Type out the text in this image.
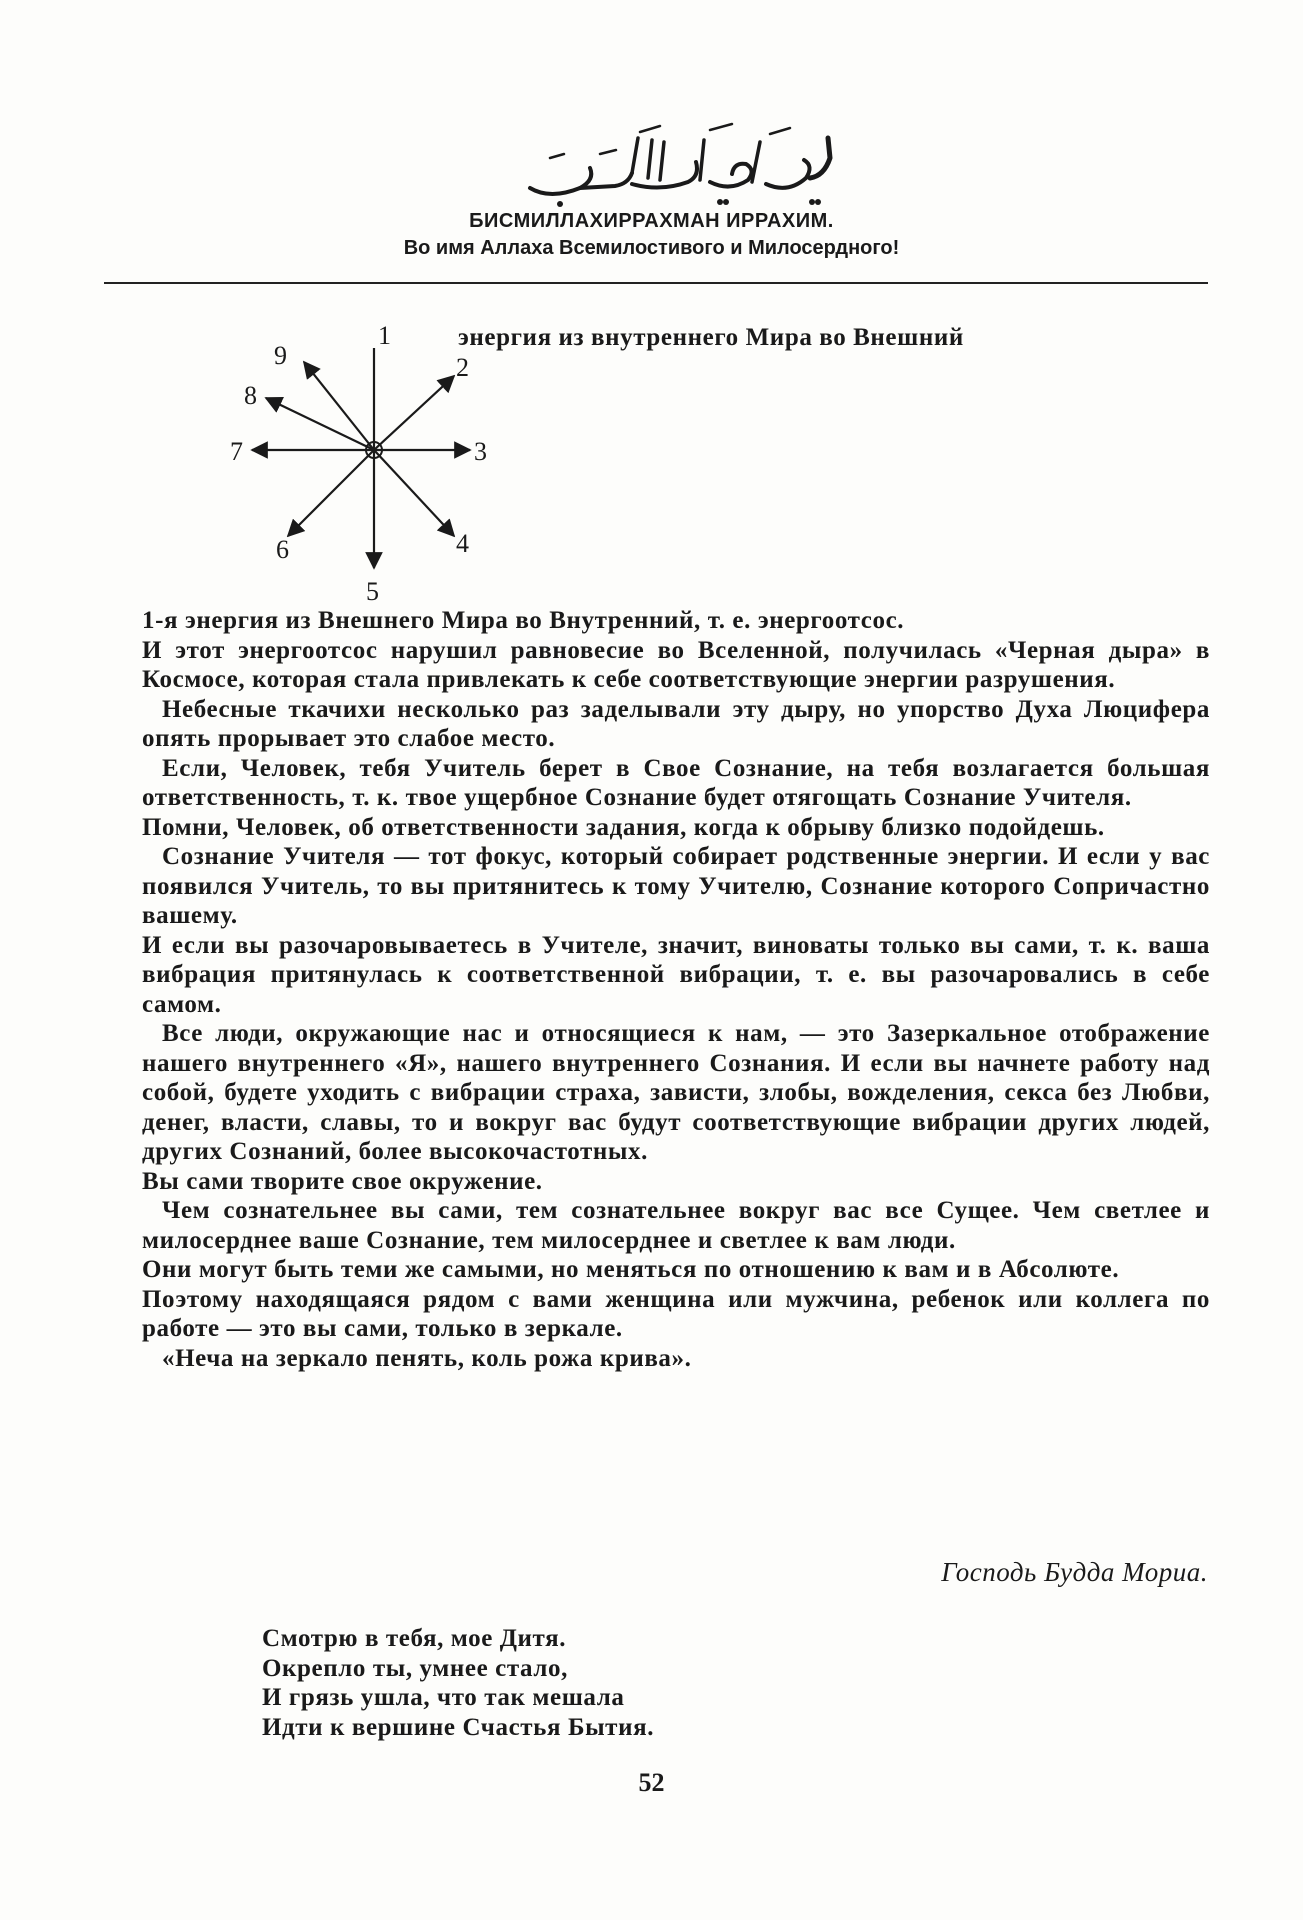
БИСМИЛЛАХИРРАХМАН ИРРАХИМ.
Во имя Аллаха Всемилостивого и Милосердного!
1
2
3
4
5
6
7
8
9
энергия из внутреннего Мира во Внешний

1-я энергия из Внешнего Мира во Внутренний, т. е. энергоотсос.

И этот энергоотсос нарушил равновесие во Вселенной, получилась «Черная дыра» в Космосе, которая стала привлекать к себе соответствующие энергии разрушения.

Небесные ткачихи несколько раз заделывали эту дыру, но упорство Духа Люцифера опять прорывает это слабое место.

Если, Человек, тебя Учитель берет в Свое Сознание, на тебя возлагается большая ответственность, т. к. твое ущербное Сознание будет отягощать Сознание Учителя.

Помни, Человек, об ответственности задания, когда к обрыву близко подойдешь.

Сознание Учителя — тот фокус, который собирает родственные энергии. И если у вас появился Учитель, то вы притянитесь к тому Учителю, Сознание которого Сопричастно вашему.

И если вы разочаровываетесь в Учителе, значит, виноваты только вы сами, т. к. ваша вибрация притянулась к соответственной вибрации, т. е. вы разочаровались в себе самом.

Все люди, окружающие нас и относящиеся к нам, — это Зазеркальное отображение нашего внутреннего «Я», нашего внутреннего Сознания. И если вы начнете работу над собой, будете уходить с вибрации страха, зависти, злобы, вожделения, секса без Любви, денег, власти, славы, то и вокруг вас будут соответствующие вибрации других людей, других Сознаний, более высокочастотных.

Вы сами творите свое окружение.

Чем сознательнее вы сами, тем сознательнее вокруг вас все Сущее. Чем светлее и милосерднее ваше Сознание, тем милосерднее и светлее к вам люди.

Они могут быть теми же самыми, но меняться по отношению к вам и в Абсолюте.

Поэтому находящаяся рядом с вами женщина или мужчина, ребенок или коллега по работе — это вы сами, только в зеркале.

«Неча на зеркало пенять, коль рожа крива».

Господь Будда Мориа.
Смотрю в тебя, мое Дитя.
Окрепло ты, умнее стало,
И грязь ушла, что так мешала
Идти к вершине Счастья Бытия.
52
